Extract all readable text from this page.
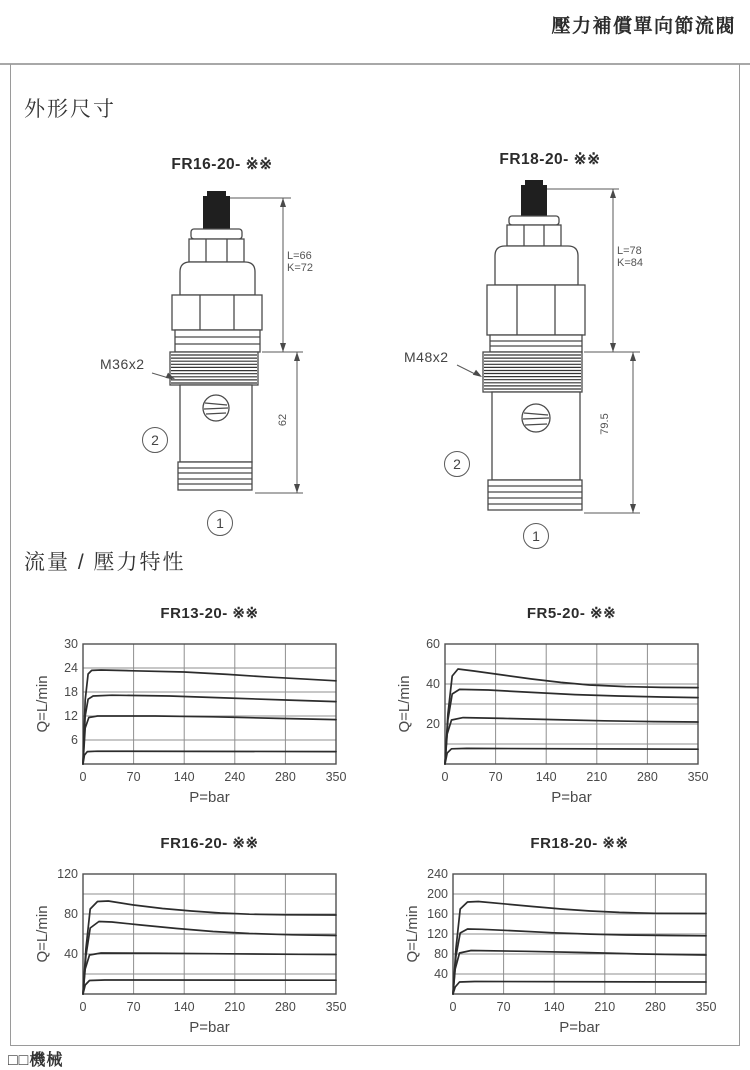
壓力補償單向節流閥
外形尺寸
FR16-20- ※※	FR18-20- ※※
M36x2	M48x2
L=66
K=72
62
L=78
K=84
79.5
2
1
2
1
流量 / 壓力特性
FR13-20- ※※
6
12
18
24
30
0	70	140 240 280 350
P=bar
Q=L/min
FR5-20- ※※
20
40
60
0	70	140 210 280 350
P=bar
Q=L/min
FR16-20- ※※
40
80
120
0	70	140 210 280 350
P=bar
Q=L/min
FR18-20- ※※
40
80
120
160
200
240
0	70	140 210 280 350
P=bar
Q=L/min
□□機械
